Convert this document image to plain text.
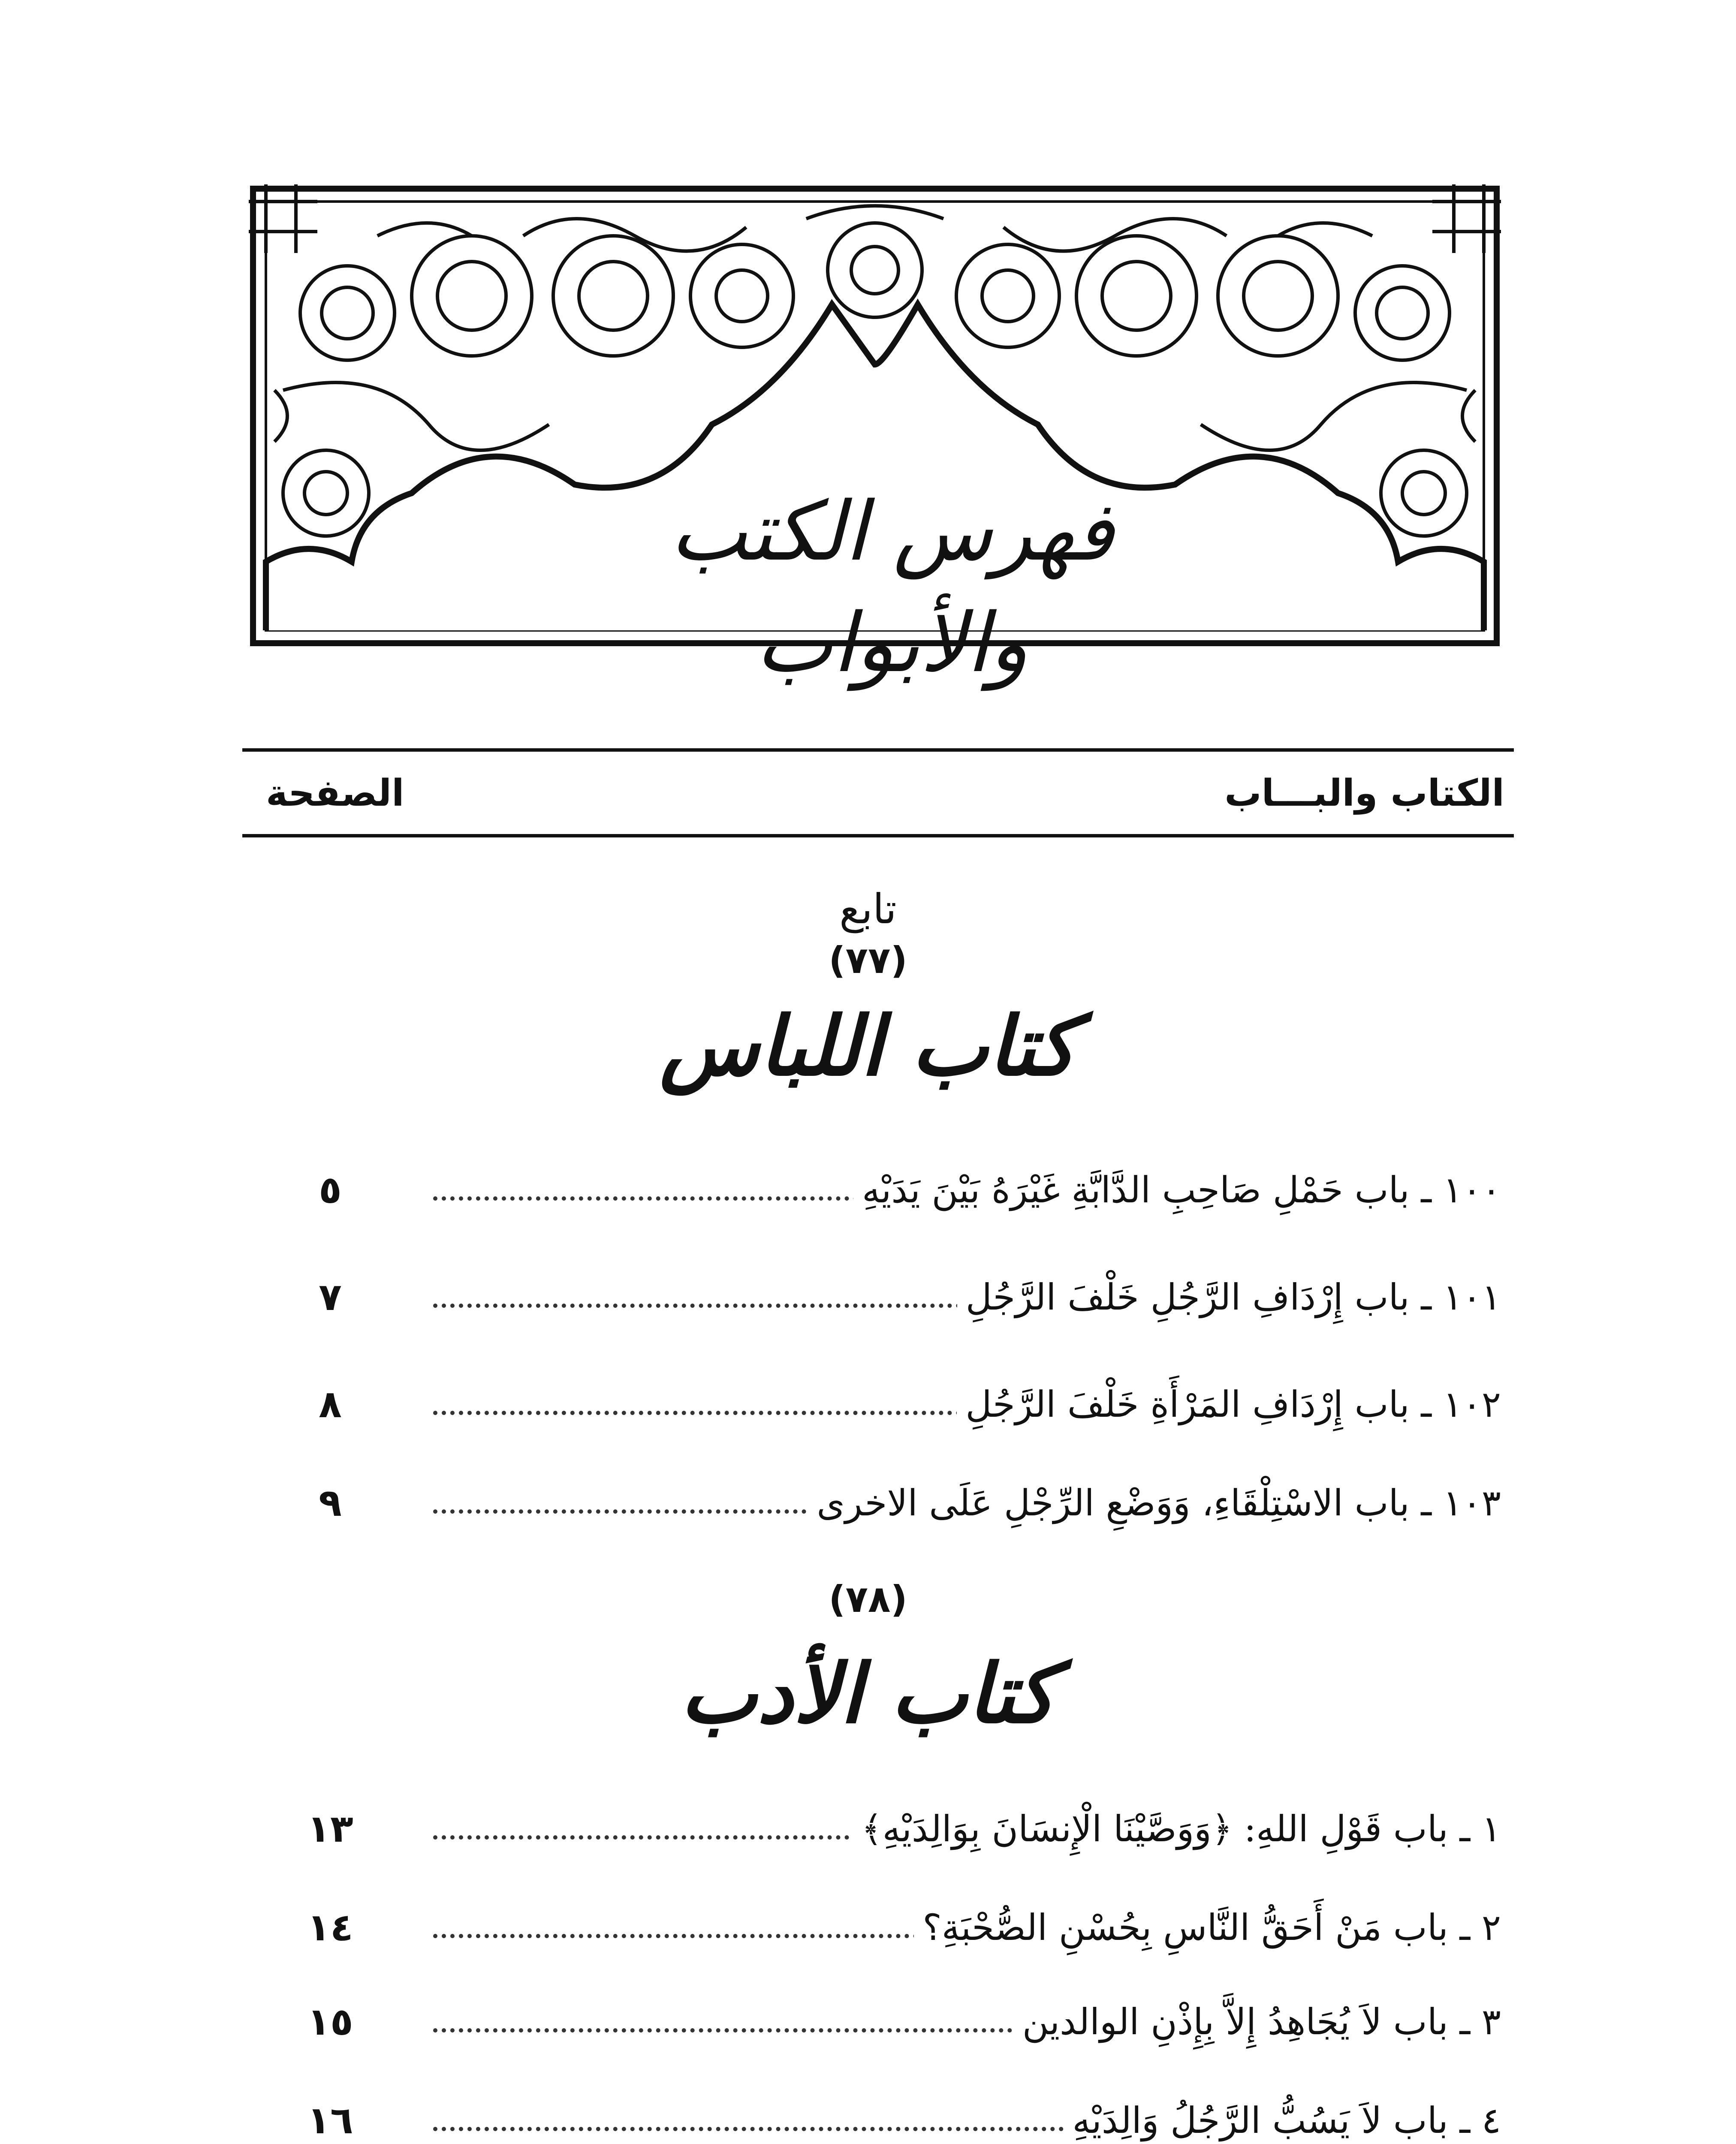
فهرس الكتب والأبواب
الكتاب والبـــاب
الصفحة
تابع
(٧٧)
كتاب اللباس
١٠٠ ـ باب حَمْلِ صَاحِبِ الدَّابَّةِ غَيْرَهُ بَيْنَ يَدَيْهِ
٥
١٠١ ـ باب إِرْدَافِ الرَّجُلِ خَلْفَ الرَّجُلِ
٧
١٠٢ ـ باب إِرْدَافِ المَرْأَةِ خَلْفَ الرَّجُلِ
٨
١٠٣ ـ باب الاسْتِلْقَاءِ، وَوَضْعِ الرِّجْلِ عَلَى الاخرى
٩
(٧٨)
كتاب الأدب
١ ـ باب قَوْلِ اللهِ: ﴿وَوَصَّيْنَا الْإِنسَانَ بِوَالِدَيْهِ﴾
١٣
٢ ـ باب مَنْ أَحَقُّ النَّاسِ بِحُسْنِ الصُّحْبَةِ؟
١٤
٣ ـ باب لاَ يُجَاهِدُ إِلاَّ بِإِذْنِ الوالدين
١٥
٤ ـ باب لاَ يَسُبُّ الرَّجُلُ وَالِدَيْهِ
١٦
